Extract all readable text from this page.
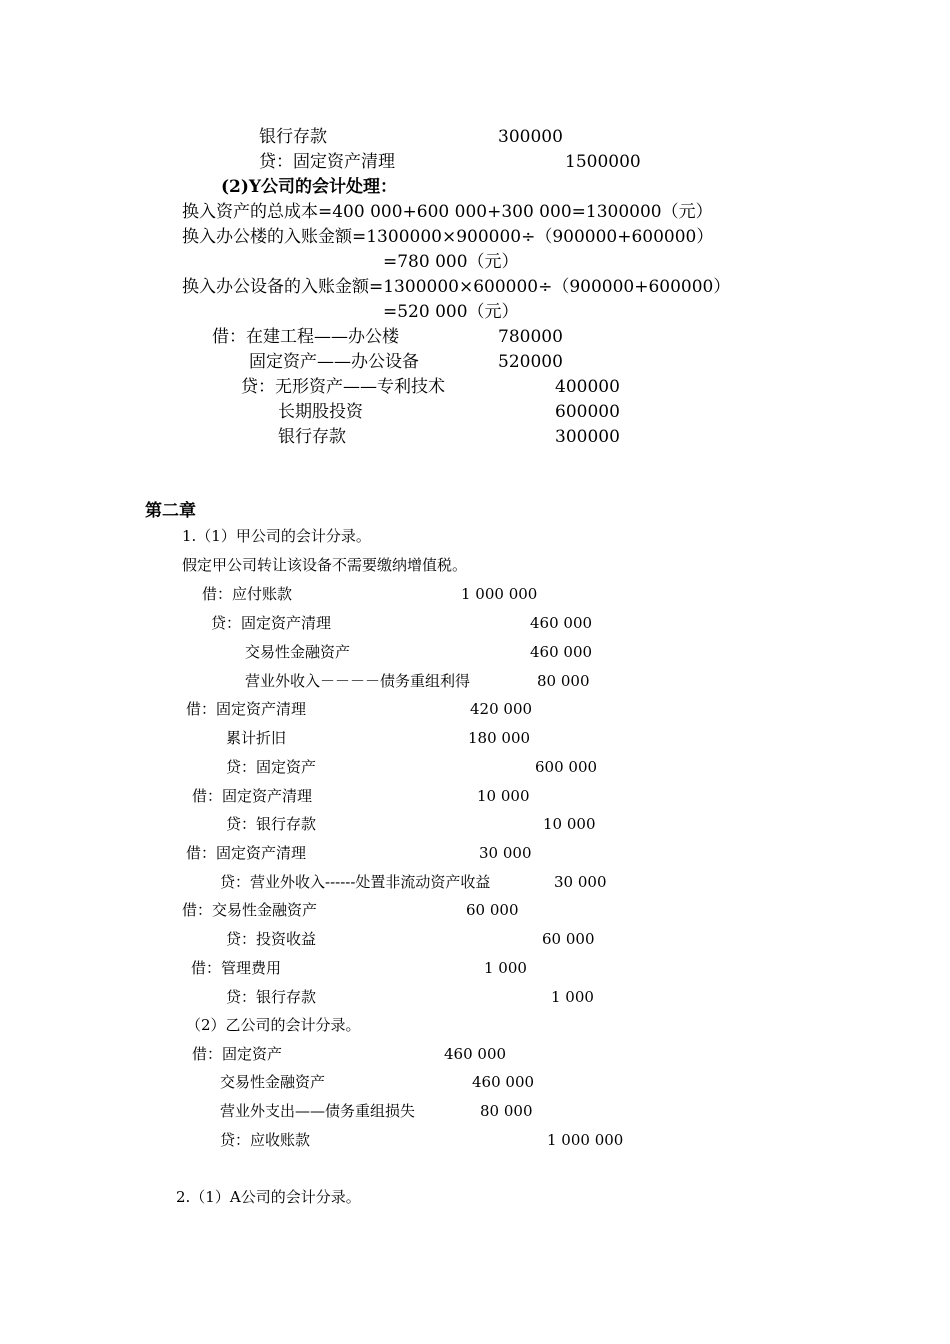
银行存款	300000
贷：固定资产清理	1500000
(2)Y公司的会计处理：
换入资产的总成本=400 000+600 000+300 000=1300000（元）
换入办公楼的入账金额=1300000×900000÷（900000+600000）
=780 000（元）
换入办公设备的入账金额=1300000×600000÷（900000+600000）
=520 000（元）
借：在建工程——办公楼	780000
固定资产——办公设备	520000
贷：无形资产——专利技术	400000
长期股投资	600000
银行存款	300000
第二章
1.（1）甲公司的会计分录。
假定甲公司转让该设备不需要缴纳增值税。
借：应付账款	1 000 000
贷：固定资产清理	460 000
交易性金融资产	460 000
营业外收入－－－－债务重组利得	80 000
借：固定资产清理	420 000
累计折旧	180 000
贷：固定资产	600 000
借：固定资产清理	10 000
贷：银行存款	10 000
借：固定资产清理	30 000
贷：营业外收入------处置非流动资产收益	30 000
借：交易性金融资产	60 000
贷：投资收益	60 000
借：管理费用	1 000
贷：银行存款	1 000
（2）乙公司的会计分录。
借：固定资产	460 000
交易性金融资产	460 000
营业外支出——债务重组损失	80 000
贷：应收账款	1 000 000
2.（1）A公司的会计分录。
